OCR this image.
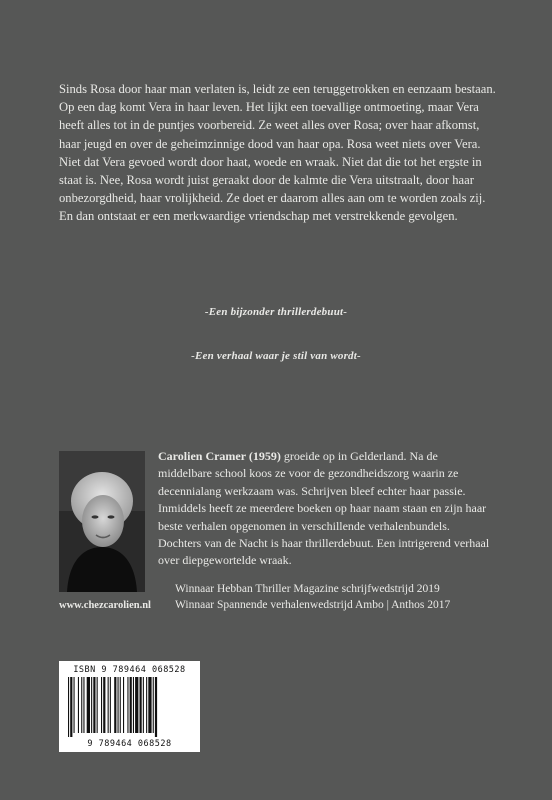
Sinds Rosa door haar man verlaten is, leidt ze een teruggetrokken en eenzaam bestaan. Op een dag komt Vera in haar leven. Het lijkt een toevallige ontmoeting, maar Vera heeft alles tot in de puntjes voorbereid. Ze weet alles over Rosa; over haar afkomst, haar jeugd en over de geheimzinnige dood van haar opa. Rosa weet niets over Vera. Niet dat Vera gevoed wordt door haat, woede en wraak. Niet dat die tot het ergste in staat is. Nee, Rosa wordt juist geraakt door de kalmte die Vera uitstraalt, door haar onbezorgdheid, haar vrolijkheid. Ze doet er daarom alles aan om te worden zoals zij. En dan ontstaat er een merkwaardige vriendschap met verstrekkende gevolgen.

-Een bijzonder thrillerdebuut-

-Een verhaal waar je stil van wordt-

www.chezcarolien.nl

Carolien Cramer (1959) groeide op in Gelderland. Na de middelbare school koos ze voor de gezondheidszorg waarin ze decennialang werkzaam was. Schrijven bleef echter haar passie. Inmiddels heeft ze meerdere boeken op haar naam staan en zijn haar beste verhalen opgenomen in verschillende verhalenbundels. Dochters van de Nacht is haar thrillerdebuut. Een intrigerend verhaal over diepgewortelde wraak.

Winnaar Hebban Thriller Magazine schrijfwedstrijd 2019
Winnaar Spannende verhalenwedstrijd Ambo | Anthos 2017
ISBN 9 789464 068528
9 789464 068528
